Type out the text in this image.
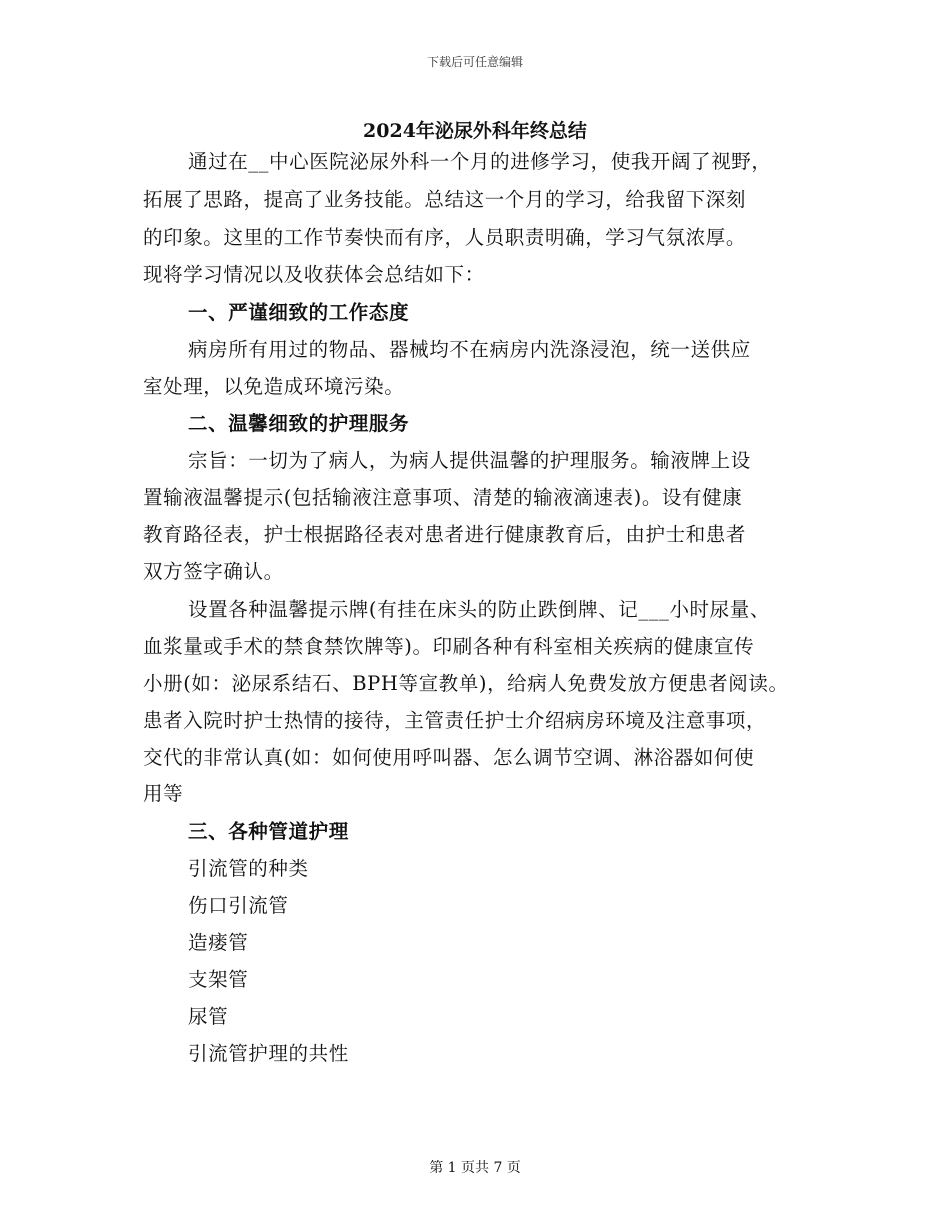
下载后可任意编辑
2024年泌尿外科年终总结
通过在__中心医院泌尿外科一个月的进修学习，使我开阔了视野，
拓展了思路，提高了业务技能。总结这一个月的学习，给我留下深刻
的印象。这里的工作节奏快而有序，人员职责明确，学习气氛浓厚。
现将学习情况以及收获体会总结如下：
一、严谨细致的工作态度
病房所有用过的物品、器械均不在病房内洗涤浸泡，统一送供应
室处理，以免造成环境污染。
二、温馨细致的护理服务
宗旨：一切为了病人，为病人提供温馨的护理服务。输液牌上设
置输液温馨提示(包括输液注意事项、清楚的输液滴速表)。设有健康
教育路径表，护士根据路径表对患者进行健康教育后，由护士和患者
双方签字确认。
设置各种温馨提示牌(有挂在床头的防止跌倒牌、记___小时尿量、
血浆量或手术的禁食禁饮牌等)。印刷各种有科室相关疾病的健康宣传
小册(如：泌尿系结石、BPH等宣教单)，给病人免费发放方便患者阅读。
患者入院时护士热情的接待，主管责任护士介绍病房环境及注意事项，
交代的非常认真(如：如何使用呼叫器、怎么调节空调、淋浴器如何使
用等
三、各种管道护理
引流管的种类
伤口引流管
造瘘管
支架管
尿管
引流管护理的共性
第 1 页共 7 页
